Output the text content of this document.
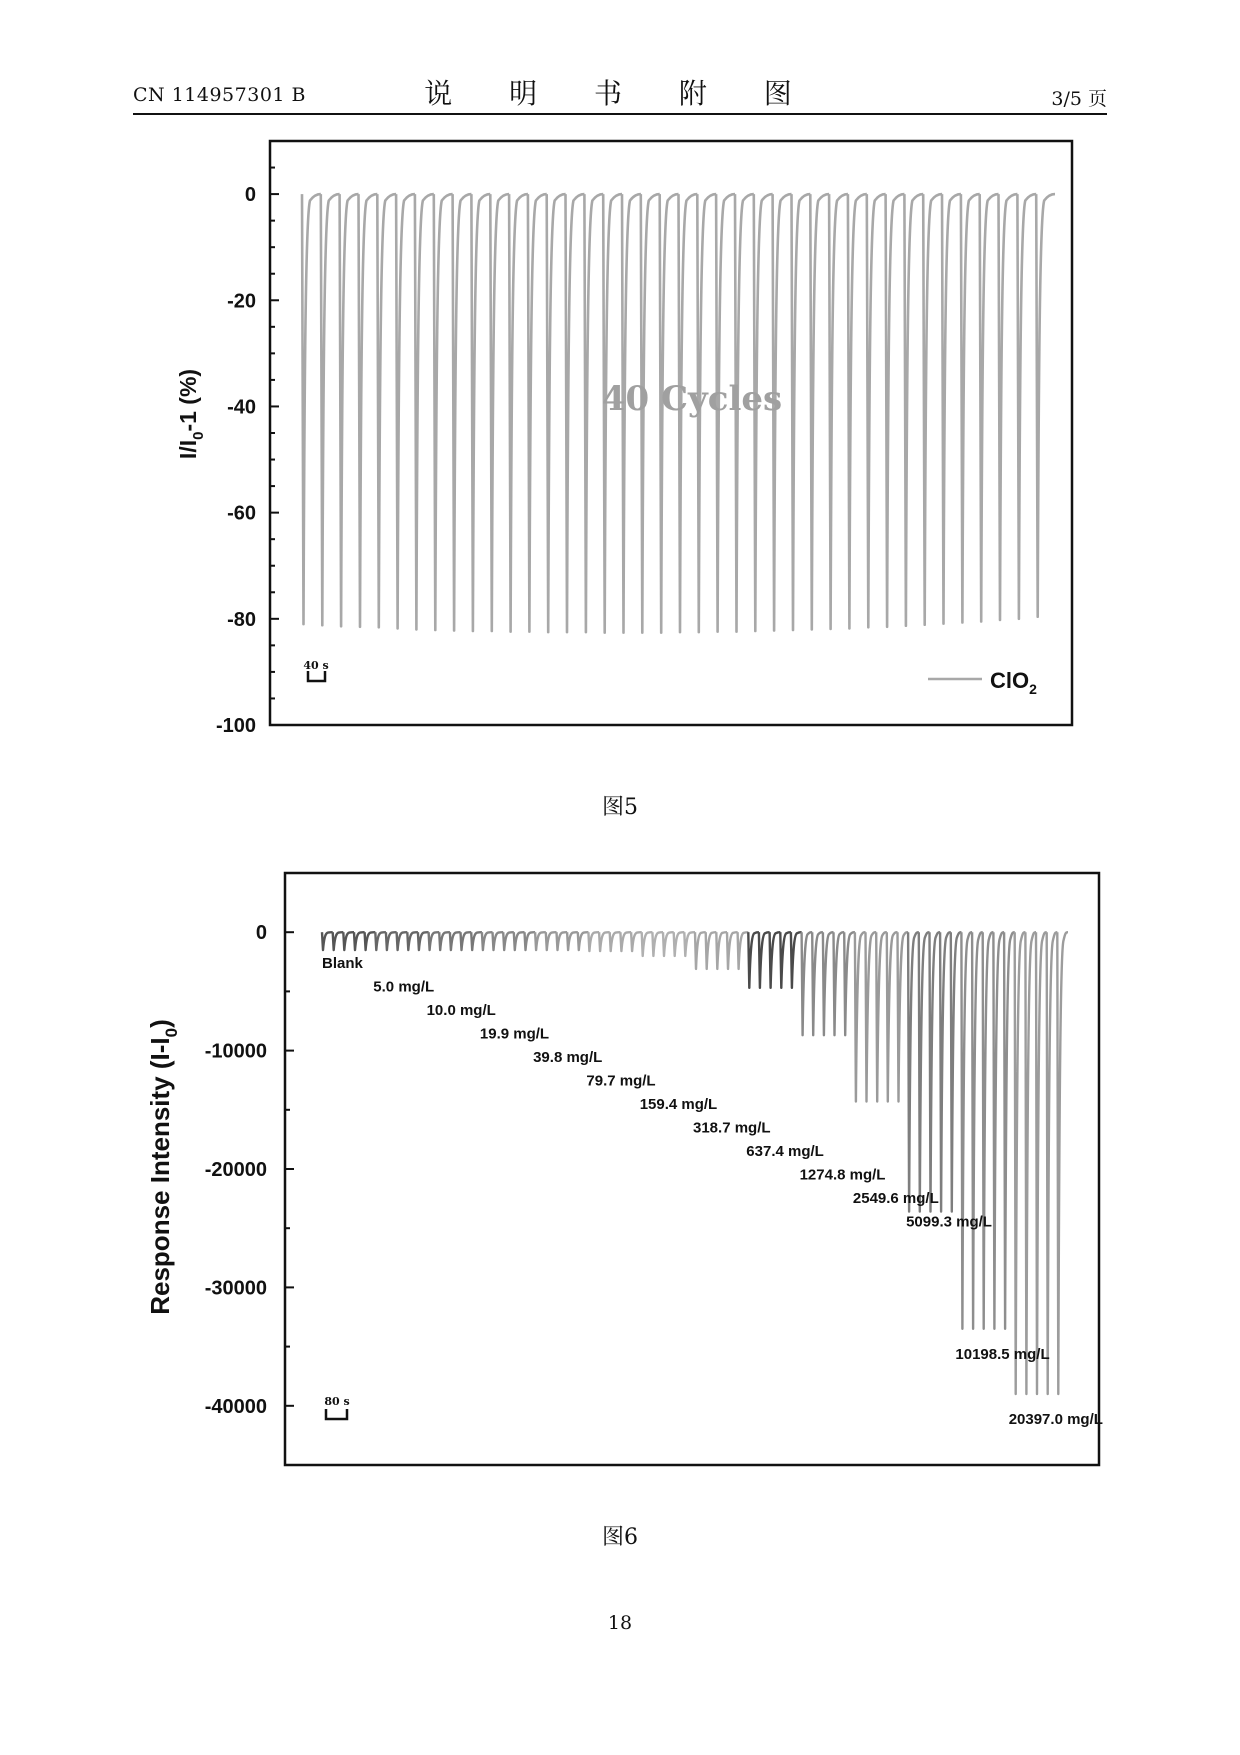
CN 114957301 B	说 明 书 附 图	3/5 页
0
-20
-40
-60
-80
-100
$I/I_0-1$ (%)	40 Cycles
40 s
ClO$_2$
图5
0
-10000
-20000
-30000
-40000
Blank
5.0 mg/L
10.0 mg/L
19.9 mg/L
39.8 mg/L
79.7 mg/L
159.4 mg/L
318.7 mg/L
637.4 mg/L
1274.8 mg/L
2549.6 mg/L
5099.3 mg/L
10198.5 mg/L
20397.0 mg/L
Response Intensity $(I-I_0)$
80 s
图6
18
